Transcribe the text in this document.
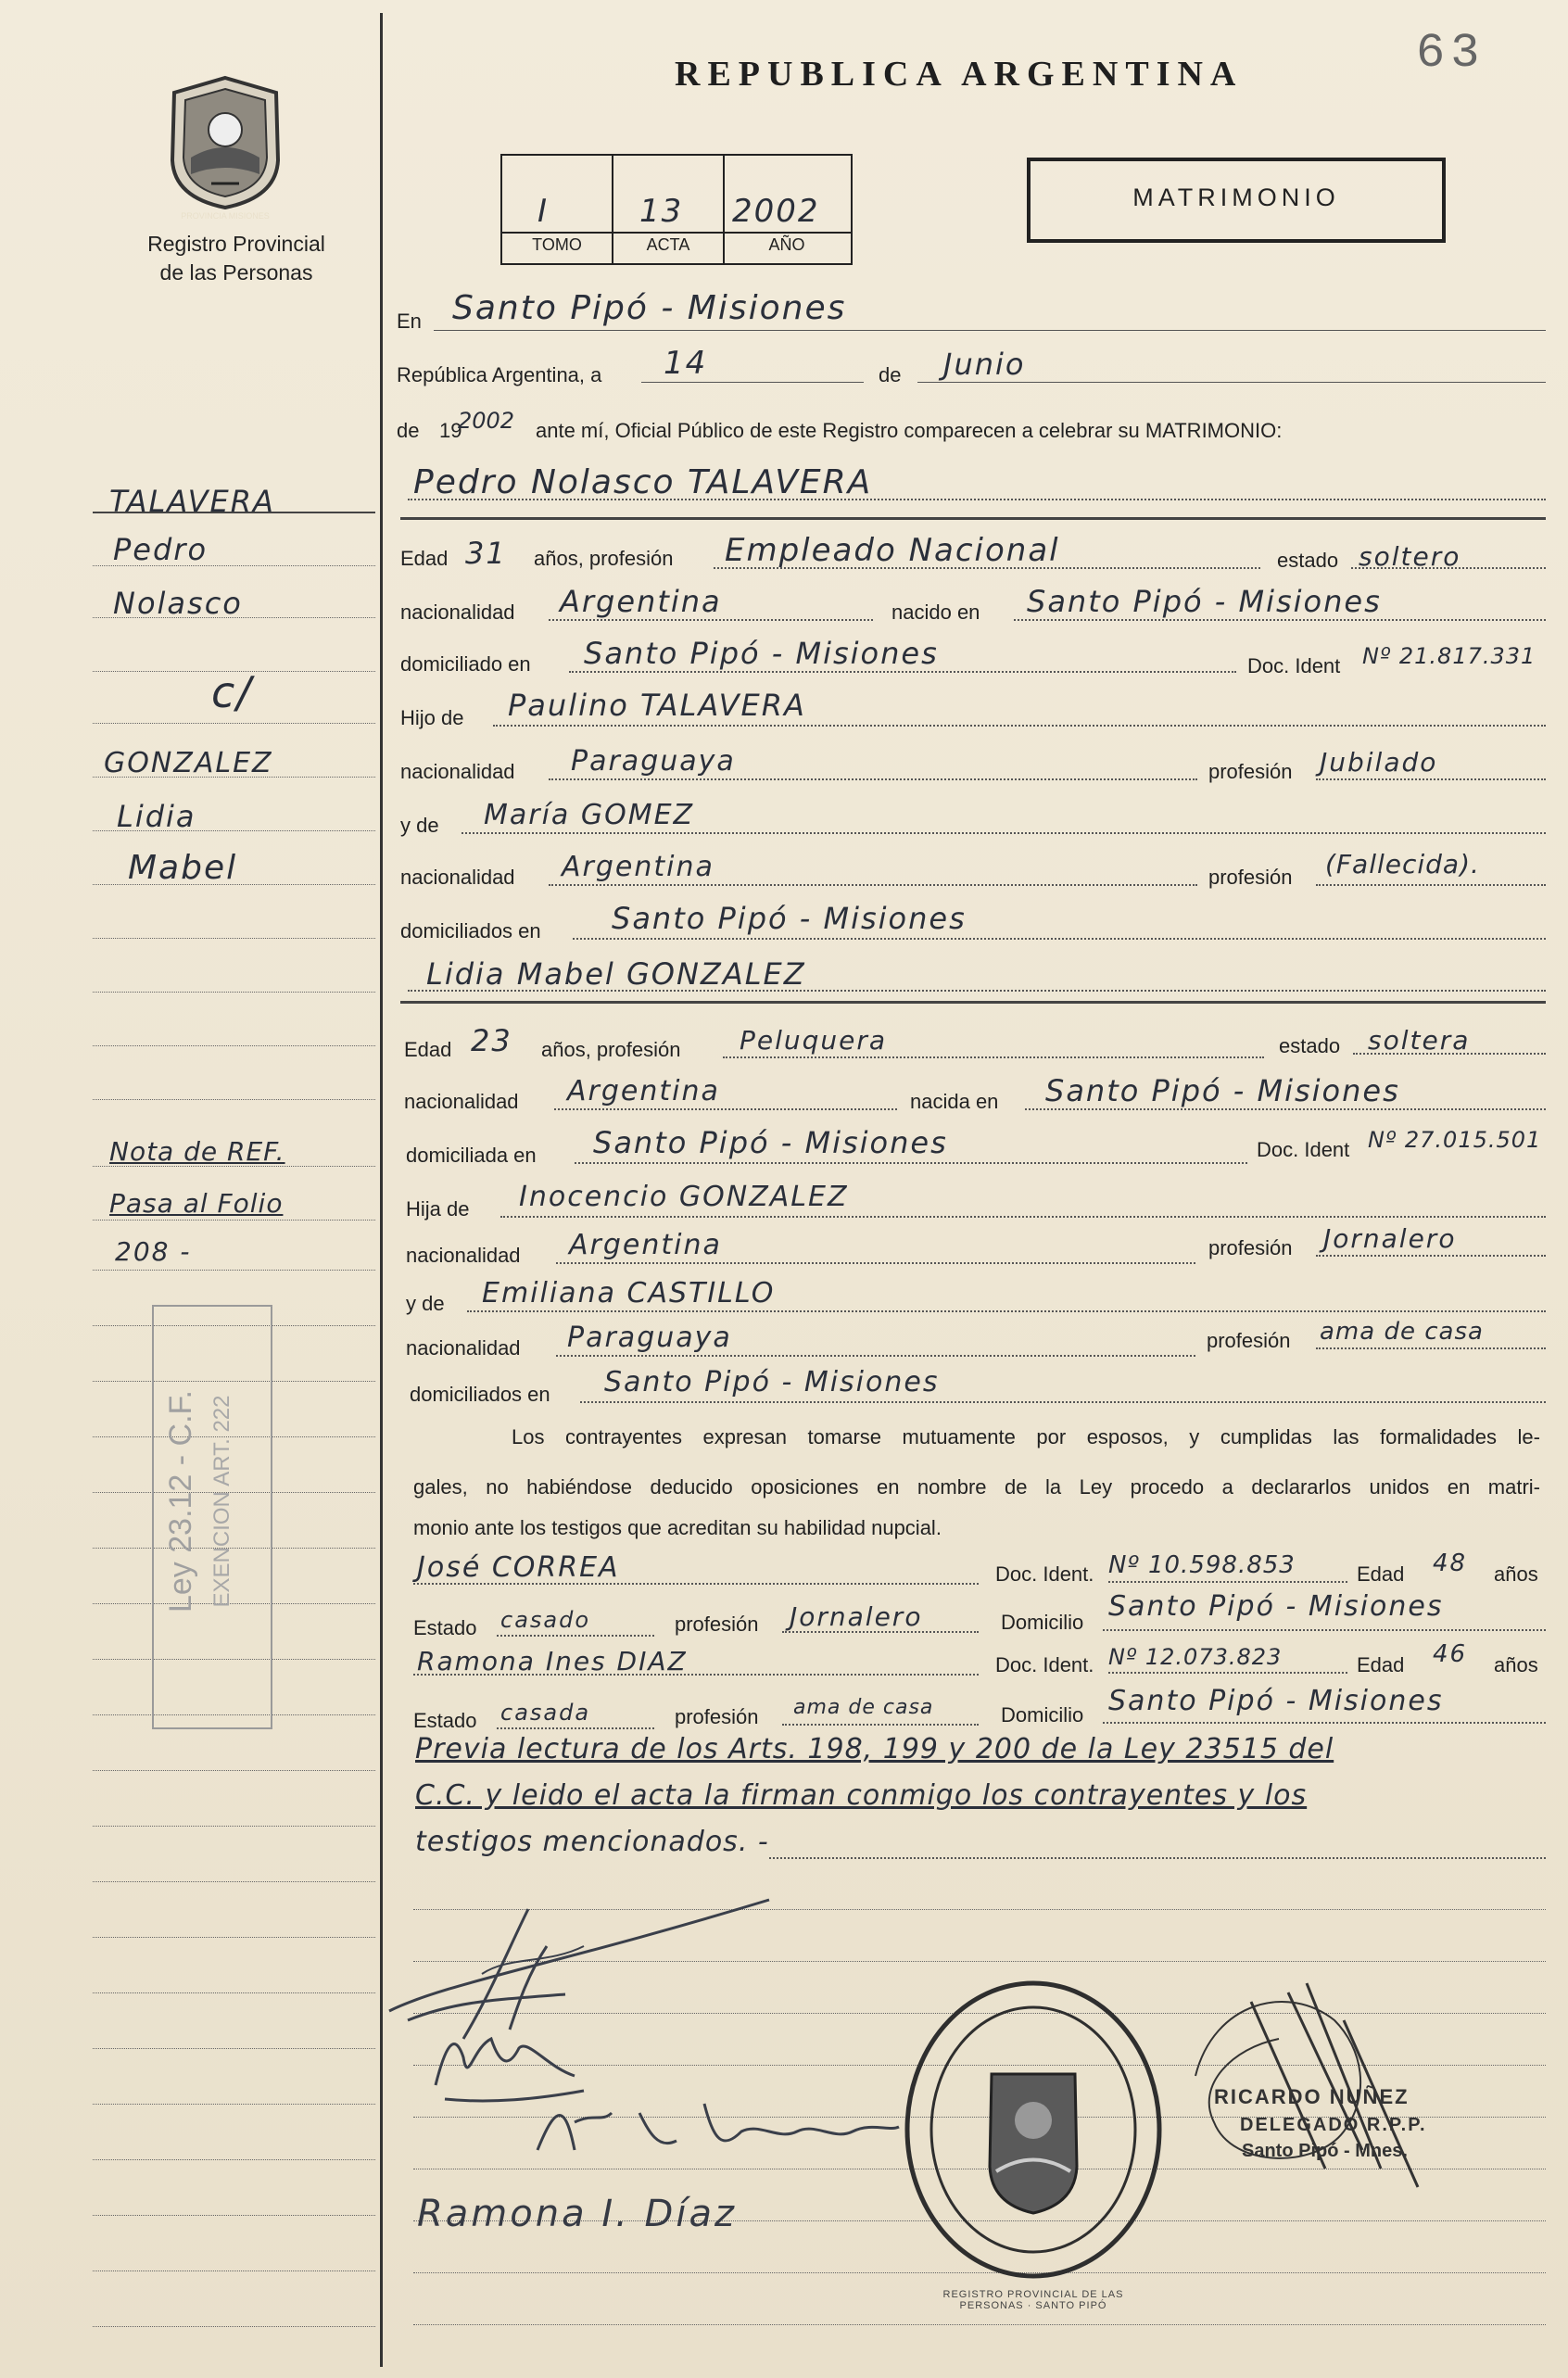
63
PROVINCIA MISIONES
Registro Provincial
de las Personas
REPUBLICA ARGENTINA
I	13 2002
TOMO	ACTA	AÑO
MATRIMONIO
TALAVERA
Pedro
Nolasco
c/
GONZALEZ
Lidia
Mabel
Nota de REF.
Pasa al Folio
208 -
Ley 23.12 - C.F. EXENCION ART. 222
En Santo Pipó - Misiones
República Argentina, a 14	de Junio
de 19
2002 ante mí, Oficial Público de este Registro comparecen a celebrar su MATRIMONIO:
Pedro Nolasco TALAVERA
Edad 31 años, profesión Empleado Nacional	estado soltero
nacionalidad Argentina	nacido en Santo Pipó - Misiones
domiciliado en Santo Pipó - Misiones	Doc. Ident Nº 21.817.331
Hijo de Paulino TALAVERA
nacionalidad Paraguaya	profesión Jubilado
y de María GOMEZ
nacionalidad Argentina	profesión (Fallecida).
domiciliados en Santo Pipó - Misiones
Lidia Mabel GONZALEZ
Edad 23 años, profesión Peluquera	estado soltera
nacionalidad Argentina	nacida en Santo Pipó - Misiones
domiciliada en Santo Pipó - Misiones	Doc. Ident Nº 27.015.501
Hija de Inocencio GONZALEZ
nacionalidad Argentina	profesión Jornalero
y de Emiliana CASTILLO
nacionalidad Paraguaya	profesión ama de casa
domiciliados en Santo Pipó - Misiones
Los contrayentes expresan tomarse mutuamente por esposos, y cumplidas las formalidades le-
gales, no habiéndose deducido oposiciones en nombre de la Ley procedo a declararlos unidos en matri-
monio ante los testigos que acreditan su habilidad nupcial.
José CORREA	Doc. Ident. Nº 10.598.853	Edad 48 años
Estado casado	profesión Jornalero	Domicilio Santo Pipó - Misiones
Ramona Ines DIAZ	Doc. Ident. Nº 12.073.823	Edad 46 años
Estado casada	profesión ama de casa	Domicilio Santo Pipó - Misiones
Previa lectura de los Arts. 198, 199 y 200 de la Ley 23515 del
C.C. y leido el acta la firman conmigo los contrayentes y los
testigos mencionados. -
Ramona I. Díaz
REGISTRO PROVINCIAL DE LAS PERSONAS · SANTO PIPÓ
RICARDO NUÑEZ
DELEGADO R.P.P.
Santo Pipó - Mnes.
